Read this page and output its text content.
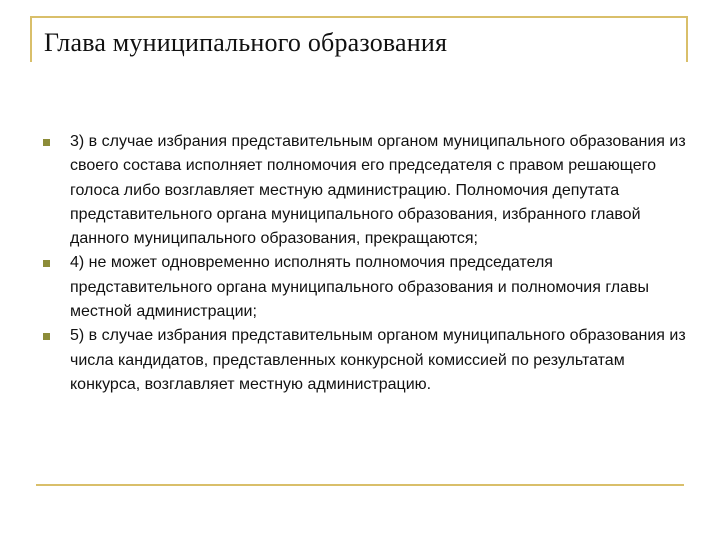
Глава муниципального образования
3) в случае избрания представительным органом муниципального образования из своего состава исполняет полномочия его председателя с правом решающего голоса либо возглавляет местную администрацию. Полномочия депутата представительного органа муниципального образования, избранного главой данного муниципального образования, прекращаются;
4) не может одновременно исполнять полномочия председателя представительного органа муниципального образования и полномочия главы местной администрации;
5) в случае избрания представительным органом муниципального образования из числа кандидатов, представленных конкурсной комиссией по результатам конкурса, возглавляет местную администрацию.
